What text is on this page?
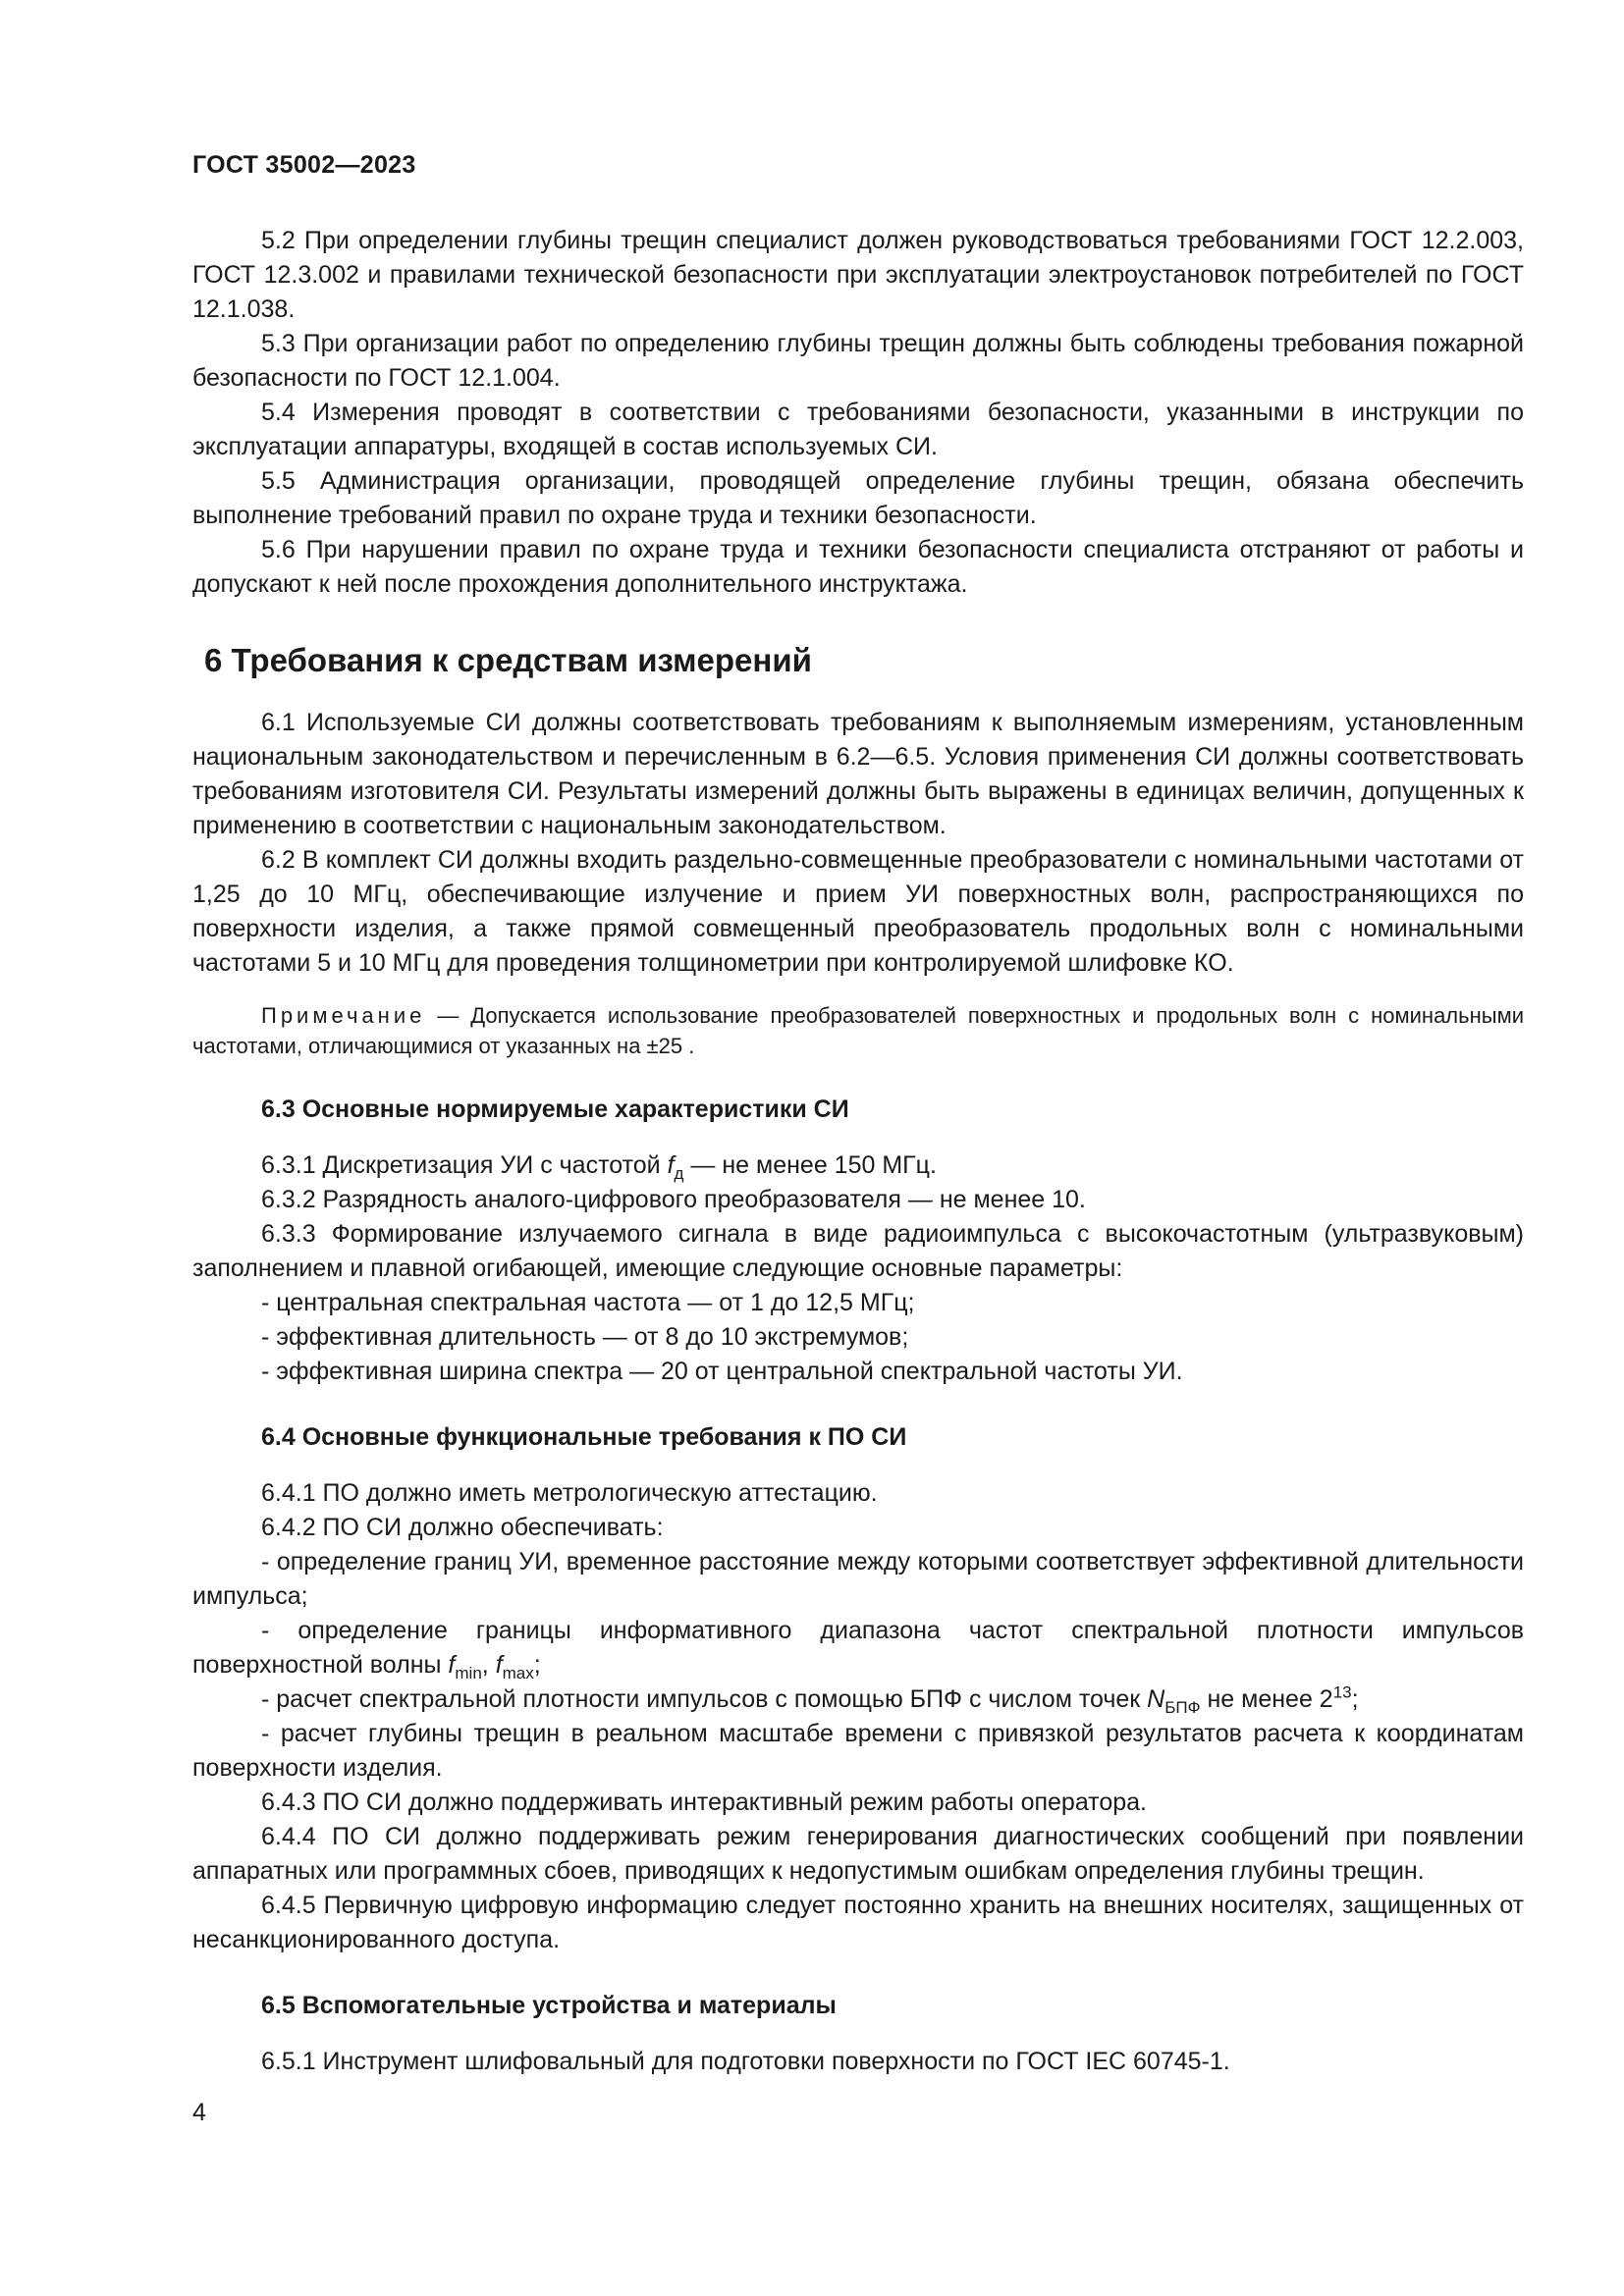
ГОСТ 35002—2023

5.2 При определении глубины трещин специалист должен руководствоваться требованиями ГОСТ 12.2.003, ГОСТ 12.3.002 и правилами технической безопасности при эксплуатации электроустановок потребителей по ГОСТ 12.1.038.

5.3 При организации работ по определению глубины трещин должны быть соблюдены требования пожарной безопасности по ГОСТ 12.1.004.

5.4 Измерения проводят в соответствии с требованиями безопасности, указанными в инструкции по эксплуатации аппаратуры, входящей в состав используемых СИ.

5.5 Администрация организации, проводящей определение глубины трещин, обязана обеспечить выполнение требований правил по охране труда и техники безопасности.

5.6 При нарушении правил по охране труда и техники безопасности специалиста отстраняют от работы и допускают к ней после прохождения дополнительного инструктажа.

6 Требования к средствам измерений

6.1 Используемые СИ должны соответствовать требованиям к выполняемым измерениям, установленным национальным законодательством и перечисленным в 6.2—6.5. Условия применения СИ должны соответствовать требованиям изготовителя СИ. Результаты измерений должны быть выражены в единицах величин, допущенных к применению в соответствии с национальным законодательством.

6.2 В комплект СИ должны входить раздельно-совмещенные преобразователи с номинальными частотами от 1,25 до 10 МГц, обеспечивающие излучение и прием УИ поверхностных волн, распространяющихся по поверхности изделия, а также прямой совмещенный преобразователь продольных волн с номинальными частотами 5 и 10 МГц для проведения толщинометрии при контролируемой шлифовке КО.

Примечание — Допускается использование преобразователей поверхностных и продольных волн с номинальными частотами, отличающимися от указанных на ±25 .

6.3 Основные нормируемые характеристики СИ

6.3.1 Дискретизация УИ с частотой $f_д$ — не менее 150 МГц.

6.3.2 Разрядность аналого-цифрового преобразователя — не менее 10.

6.3.3 Формирование излучаемого сигнала в виде радиоимпульса с высокочастотным (ультразвуковым) заполнением и плавной огибающей, имеющие следующие основные параметры:

- центральная спектральная частота — от 1 до 12,5 МГц;

- эффективная длительность — от 8 до 10 экстремумов;

- эффективная ширина спектра — 20 от центральной спектральной частоты УИ.

6.4 Основные функциональные требования к ПО СИ

6.4.1 ПО должно иметь метрологическую аттестацию.

6.4.2 ПО СИ должно обеспечивать:

- определение границ УИ, временное расстояние между которыми соответствует эффективной длительности импульса;

- определение границы информативного диапазона частот спектральной плотности импульсов поверхностной волны $f_{min}$, $f_{max}$;

- расчет спектральной плотности импульсов с помощью БПФ с числом точек $N_{БПФ}$ не менее $2^{13}$;

- расчет глубины трещин в реальном масштабе времени с привязкой результатов расчета к координатам поверхности изделия.

6.4.3 ПО СИ должно поддерживать интерактивный режим работы оператора.

6.4.4 ПО СИ должно поддерживать режим генерирования диагностических сообщений при появлении аппаратных или программных сбоев, приводящих к недопустимым ошибкам определения глубины трещин.

6.4.5 Первичную цифровую информацию следует постоянно хранить на внешних носителях, защищенных от несанкционированного доступа.

6.5 Вспомогательные устройства и материалы

6.5.1 Инструмент шлифовальный для подготовки поверхности по ГОСТ IEC 60745-1.

4
